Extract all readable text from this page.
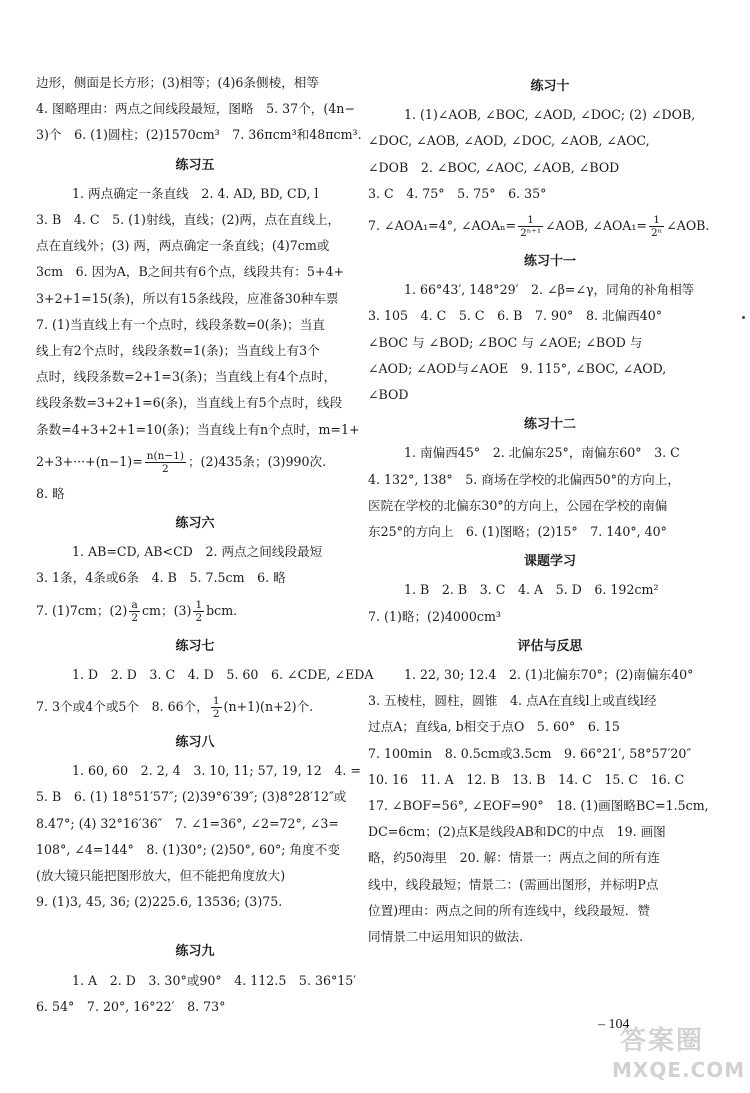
边形，侧面是长方形；(3)相等；(4)6条侧棱，相等
4. 图略理由：两点之间线段最短，图略　5. 37个，(4n−
3)个　6. (1)圆柱；(2)1570cm³　7. 36πcm³和48πcm³.
练习五
1. 两点确定一条直线　2. 4. AD, BD, CD, l
3. B　4. C　5. (1)射线，直线；(2)两，点在直线上，
点在直线外；(3) 两，两点确定一条直线；(4)7cm或
3cm　6. 因为A，B之间共有6个点，线段共有：5+4+
3+2+1=15(条)，所以有15条线段，应准备30种车票
7. (1)当直线上有一个点时，线段条数=0(条)；当直
线上有2个点时，线段条数=1(条)；当直线上有3个
点时，线段条数=2+1=3(条)；当直线上有4个点时，
线段条数=3+2+1=6(条)，当直线上有5个点时，线段
条数=4+3+2+1=10(条)；当直线上有n个点时，m=1+
$2+3+\cdot\cdot\cdot+(n-1)= \frac{n(n-1)}{2}$ ；(2)435条；(3)990次.
8. 略
练习六
1. AB=CD, AB<CD　2. 两点之间线段最短
3. 1条，4条或6条　4. B　5. 7.5cm　6. 略
7. (1)7cm；$(2) \frac{a}{2}$ cm；$(3) \frac{1}{2}$ bcm.
练习七
1. D　2. D　3. C　4. D　5. 60　6. ∠CDE, ∠EDA
7. 3个或4个或5个　8. 66个， $\frac{1}{2} (n+1)(n+2)$个.
练习八
1. 60, 60　2. 2, 4　3. 10, 11; 57, 19, 12　4. =
5. B　6. (1) 18°51′57″; (2)39°6′39″; (3)8°28′12″或
8.47°; (4) 32°16′36″　7. ∠1=36°, ∠2=72°, ∠3=
108°, ∠4=144°　8. (1)30°; (2)50°, 60°; 角度不变
(放大镜只能把图形放大，但不能把角度放大)
9. (1)3, 45, 36; (2)225.6, 13536; (3)75.
练习九
1. A　2. D　3. 30°或90°　4. 112.5　5. 36°15′
6. 54°　7. 20°, 16°22′　8. 73°
练习十
1. (1)∠AOB, ∠BOC, ∠AOD, ∠DOC; (2) ∠DOB,
∠DOC, ∠AOB, ∠AOD, ∠DOC, ∠AOB, ∠AOC,
∠DOB　2. ∠BOC, ∠AOC, ∠AOB, ∠BOD
3. C　4. 75°　5. 75°　6. 35°
7. ∠AOA₁=4°, ∠AOAₙ= $\frac{1}{\text{2ⁿ⁺¹}}$ ∠AOB, ∠AOA₁= $\frac{1}{\text{2ⁿ}}$ ∠AOB.
练习十一
1. 66°43′, 148°29′　2. ∠β=∠γ，同角的补角相等
3. 105　4. C　5. C　6. B　7. 90°　8. 北偏西40°
∠BOC 与 ∠BOD; ∠BOC 与 ∠AOE; ∠BOD 与
∠AOD; ∠AOD与∠AOE　9. 115°, ∠BOC, ∠AOD,
∠BOD
练习十二
1. 南偏西45°　2. 北偏东25°，南偏东60°　3. C
4. 132°, 138°　5. 商场在学校的北偏西50°的方向上，
医院在学校的北偏东30°的方向上，公园在学校的南偏
东25°的方向上　6. (1)图略；(2)15°　7. 140°, 40°
课题学习
1. B　2. B　3. C　4. A　5. D　6. 192cm²
7. (1)略；(2)4000cm³
评估与反思
1. 22, 30; 12.4　2. (1)北偏东70°；(2)南偏东40°
3. 五棱柱，圆柱，圆锥　4. 点A在直线l上或直线l经
过点A；直线a, b相交于点O　5. 60°　6. 15
7. 100min　8. 0.5cm或3.5cm　9. 66°21′, 58°57′20″
10. 16　11. A　12. B　13. B　14. C　15. C　16. C
17. ∠BOF=56°, ∠EOF=90°　18. (1)画图略BC=1.5cm,
DC=6cm；(2)点K是线段AB和DC的中点　19. 画图
略，约50海里　20. 解：情景一：两点之间的所有连
线中，线段最短；情景二：(需画出图形，并标明P点
位置)理由：两点之间的所有连线中，线段最短．赞
同情景二中运用知识的做法.
– 104
答案圈
MXQE.COM
